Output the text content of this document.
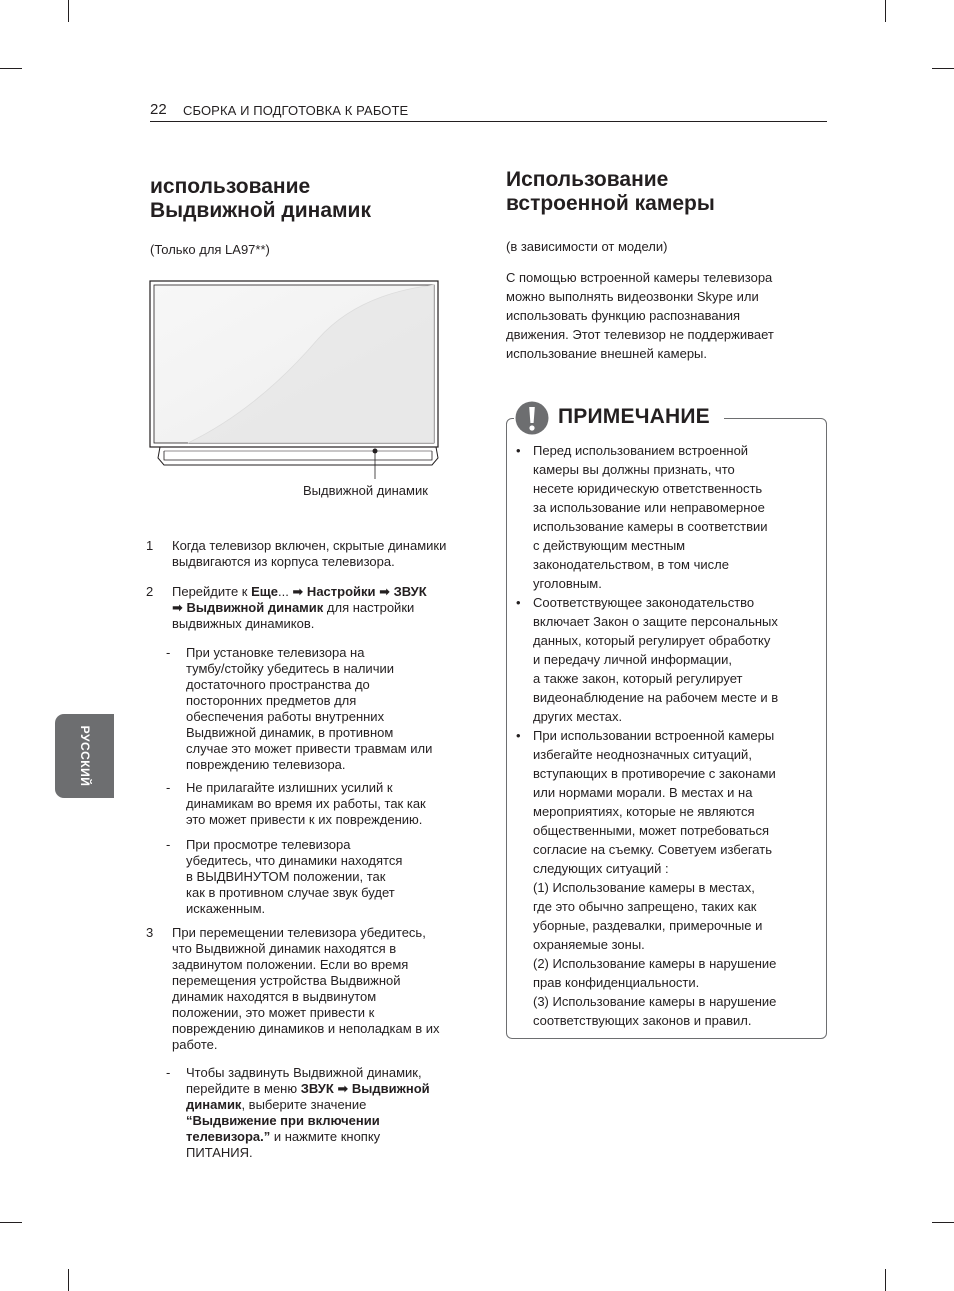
22 СБОРКА И ПОДГОТОВКА К РАБОТЕ
РУССКИЙ
использование
Выдвижной динамик
(Только для LA97**)
Выдвижной динамик
1 Когда телевизор включен, скрытые динамики
выдвигаются из корпуса телевизора.
2 Перейдите к Еще... ➡ Настройки ➡ ЗВУК
➡ Выдвижной динамик для настройки
выдвижных динамиков.
- При установке телевизора на
тумбу/стойку убедитесь в наличии
достаточного пространства до
посторонних предметов для
обеспечения работы внутренних
Выдвижной динамик, в противном
случае это может привести травмам или
повреждению телевизора.
- Не прилагайте излишних усилий к
динамикам во время их работы, так как
это может привести к их повреждению.
- При просмотре телевизора
убедитесь, что динамики находятся
в ВЫДВИНУТОМ положении, так
как в противном случае звук будет
искаженным.
3 При перемещении телевизора убедитесь,
что Выдвижной динамик находятся в
задвинутом положении. Если во время
перемещения устройства Выдвижной
динамик находятся в выдвинутом
положении, это может привести к
повреждению динамиков и неполадкам в их
работе.
- Чтобы задвинуть Выдвижной динамик,
перейдите в меню ЗВУК ➡ Выдвижной
динамик, выберите значение
“Выдвижение при включении
телевизора.” и нажмите кнопку
ПИТАНИЯ.
Использование
встроенной камеры
(в зависимости от модели)
С помощью встроенной камеры телевизора
можно выполнять видеозвонки Skype или
использовать функцию распознавания
движения. Этот телевизор не поддерживает
использование внешней камеры.
ПРИМЕЧАНИЕ
• Перед использованием встроенной
камеры вы должны признать, что
несете юридическую ответственность
за использование или неправомерное
использование камеры в соответствии
с действующим местным
законодательством, в том числе
уголовным.
• Соответствующее законодательство
включает Закон о защите персональных
данных, который регулирует обработку
и передачу личной информации,
а также закон, который регулирует
видеонаблюдение на рабочем месте и в
других местах.
• При использовании встроенной камеры
избегайте неоднозначных ситуаций,
вступающих в противоречие с законами
или нормами морали. В местах и на
мероприятиях, которые не являются
общественными, может потребоваться
согласие на съемку. Советуем избегать
следующих ситуаций :
(1) Использование камеры в местах,
где это обычно запрещено, таких как
уборные, раздевалки, примерочные и
охраняемые зоны.
(2) Использование камеры в нарушение
прав конфиденциальности.
(3) Использование камеры в нарушение
соответствующих законов и правил.
